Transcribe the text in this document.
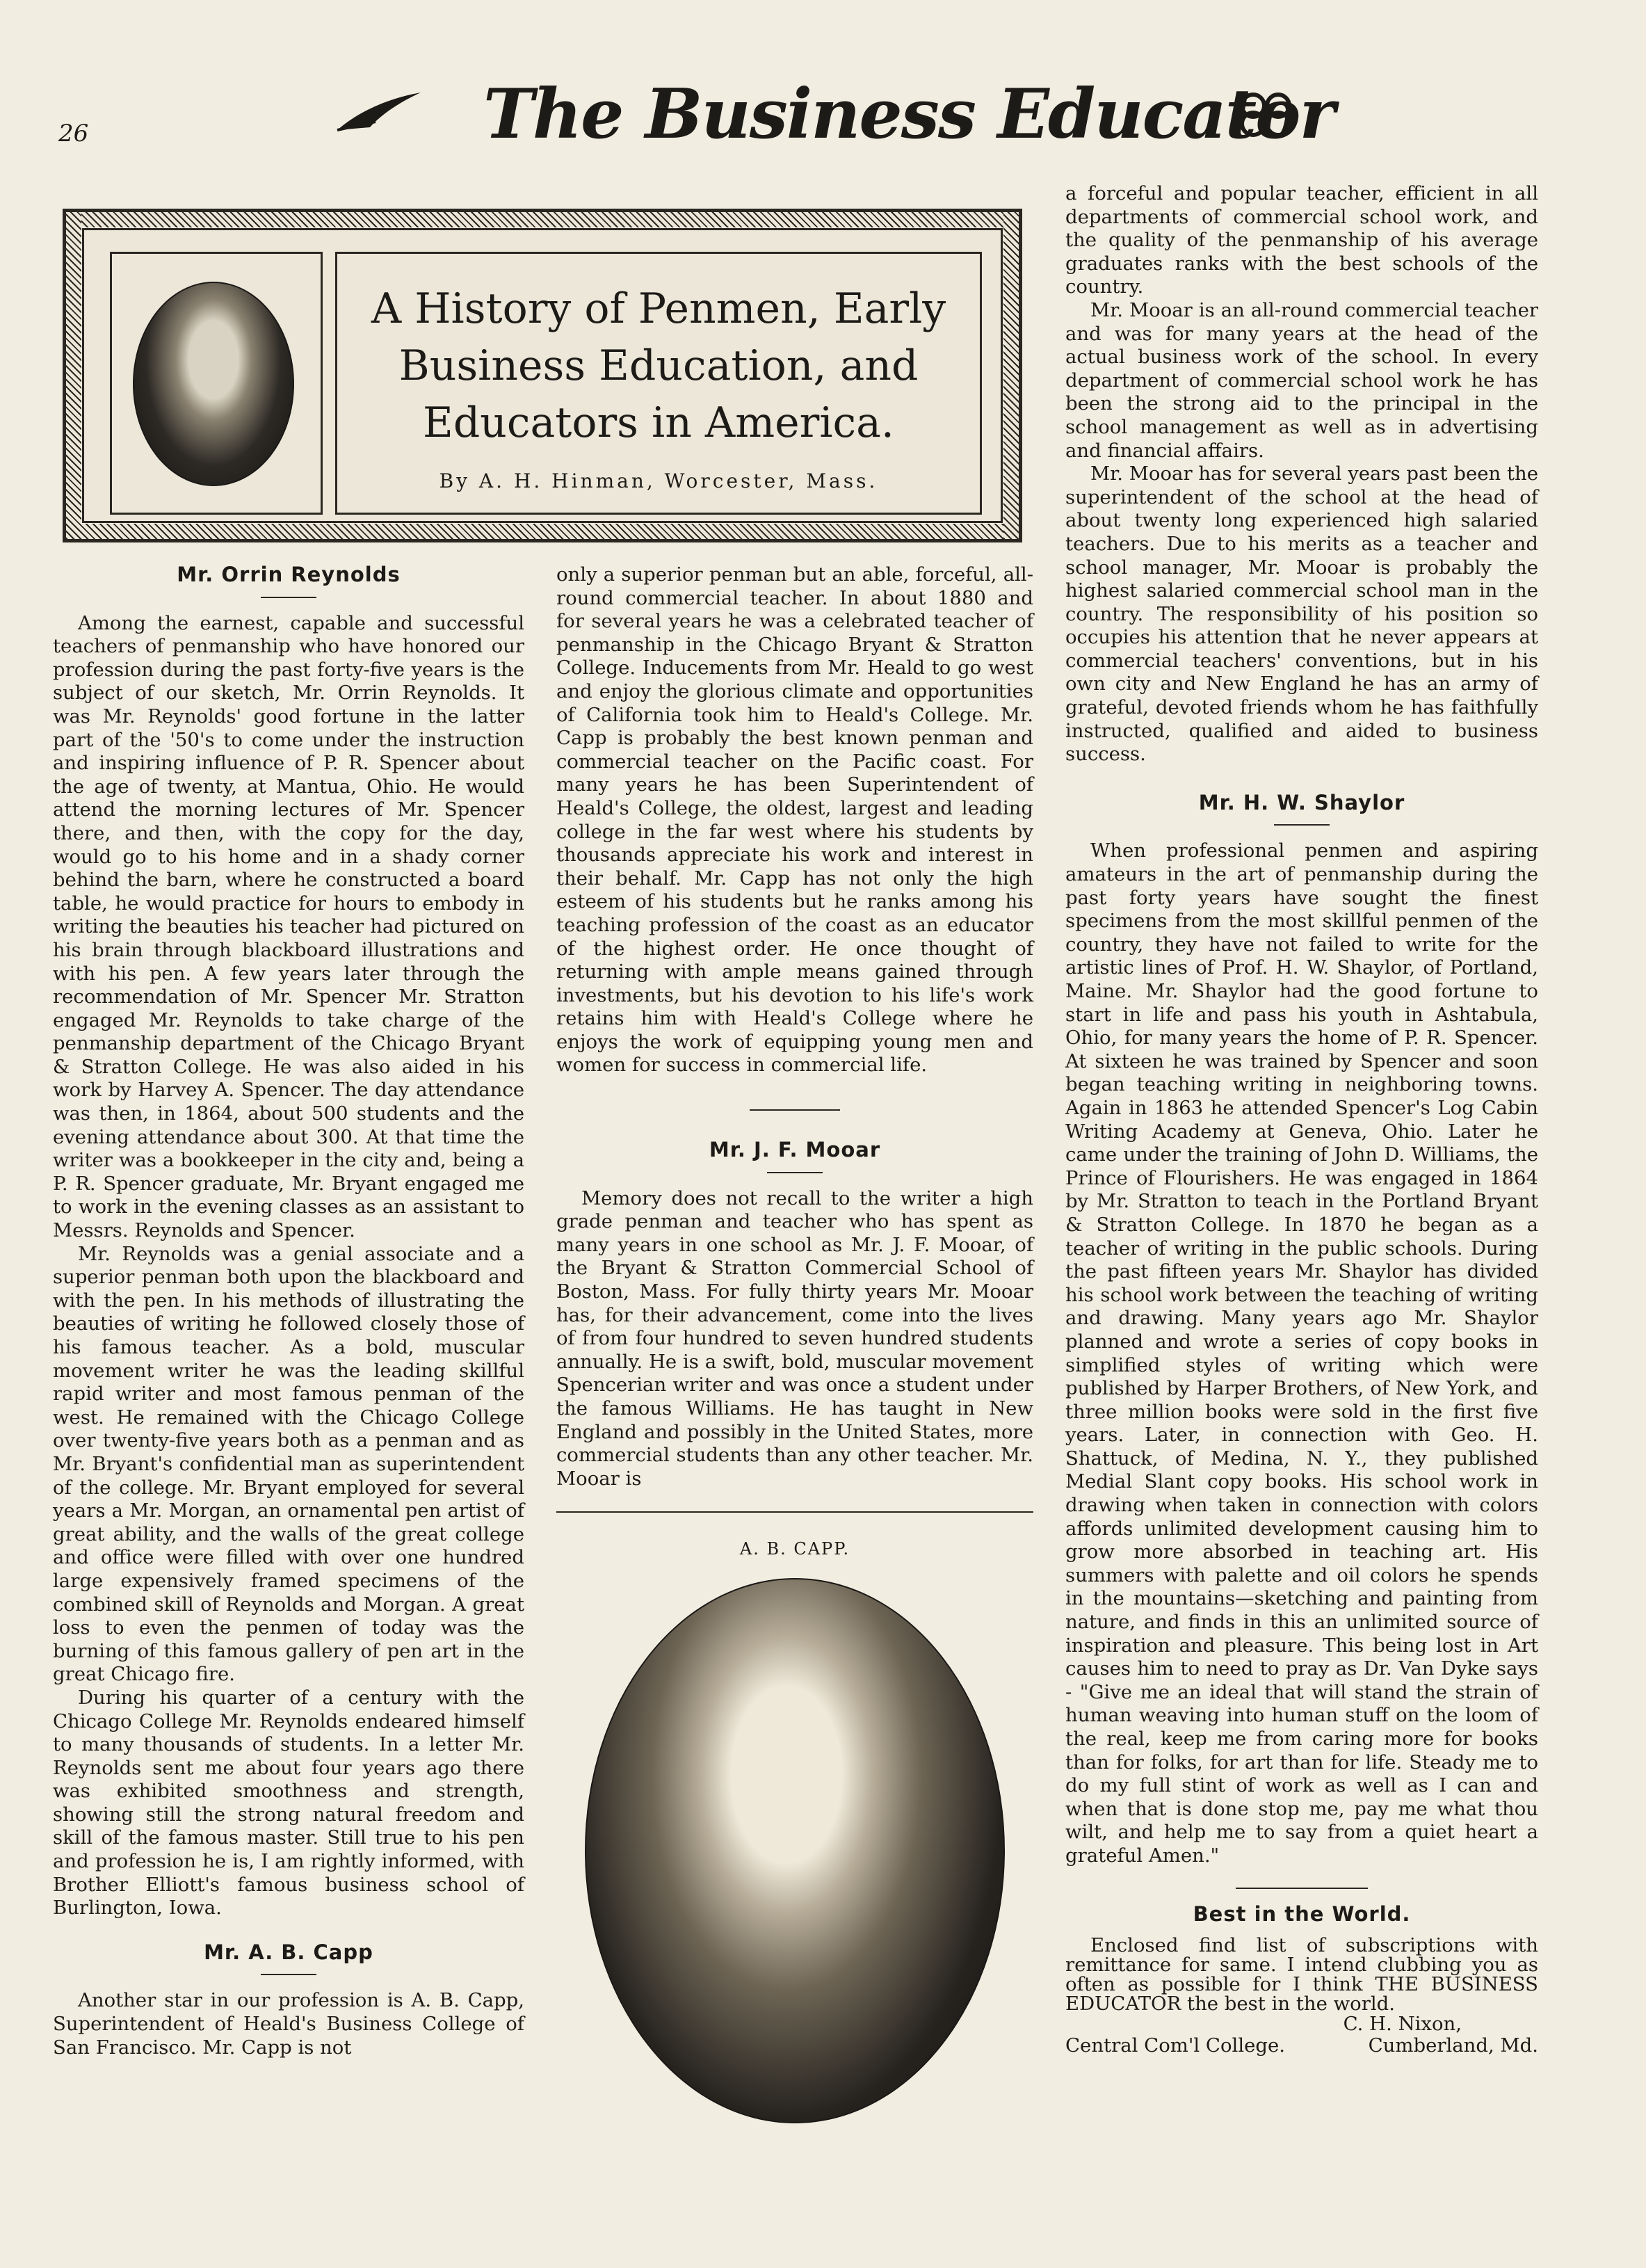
26	The Business Educator
A History of Penmen, Early
Business Education, and
Educators in America.
By A. H. Hinman, Worcester, Mass.
Mr. Orrin Reynolds

Among the earnest, capable and successful teachers of penmanship who have honored our profession during the past forty-five years is the subject of our sketch, Mr. Orrin Reynolds. It was Mr. Reynolds' good fortune in the latter part of the '50's to come under the instruction and inspiring influence of P. R. Spencer about the age of twenty, at Mantua, Ohio. He would attend the morning lectures of Mr. Spencer there, and then, with the copy for the day, would go to his home and in a shady corner behind the barn, where he constructed a board table, he would practice for hours to embody in writing the beauties his teacher had pictured on his brain through blackboard illustrations and with his pen. A few years later through the recommendation of Mr. Spencer Mr. Stratton engaged Mr. Reynolds to take charge of the penmanship department of the Chicago Bryant & Stratton College. He was also aided in his work by Harvey A. Spencer. The day attendance was then, in 1864, about 500 students and the evening attendance about 300. At that time the writer was a bookkeeper in the city and, being a P. R. Spencer graduate, Mr. Bryant engaged me to work in the evening classes as an assistant to Messrs. Reynolds and Spencer.

Mr. Reynolds was a genial associate and a superior penman both upon the blackboard and with the pen. In his methods of illustrating the beauties of writing he followed closely those of his famous teacher. As a bold, muscular movement writer he was the leading skillful rapid writer and most famous penman of the west. He remained with the Chicago College over twenty-five years both as a penman and as Mr. Bryant's confidential man as superintendent of the college. Mr. Bryant employed for several years a Mr. Morgan, an ornamental pen artist of great ability, and the walls of the great college and office were filled with over one hundred large expensively framed specimens of the combined skill of Reynolds and Morgan. A great loss to even the penmen of today was the burning of this famous gallery of pen art in the great Chicago fire.

During his quarter of a century with the Chicago College Mr. Reynolds endeared himself to many thousands of students. In a letter Mr. Reynolds sent me about four years ago there was exhibited smoothness and strength, showing still the strong natural freedom and skill of the famous master. Still true to his pen and profession he is, I am rightly informed, with Brother Elliott's famous business school of Burlington, Iowa.

Mr. A. B. Capp

Another star in our profession is A. B. Capp, Superintendent of Heald's Business College of San Francisco. Mr. Capp is not

only a superior penman but an able, forceful, all-round commercial teacher. In about 1880 and for several years he was a celebrated teacher of penmanship in the Chicago Bryant & Stratton College. Inducements from Mr. Heald to go west and enjoy the glorious climate and opportunities of California took him to Heald's College. Mr. Capp is probably the best known penman and commercial teacher on the Pacific coast. For many years he has been Superintendent of Heald's College, the oldest, largest and leading college in the far west where his students by thousands appreciate his work and interest in their behalf. Mr. Capp has not only the high esteem of his students but he ranks among his teaching profession of the coast as an educator of the highest order. He once thought of returning with ample means gained through investments, but his devotion to his life's work retains him with Heald's College where he enjoys the work of equipping young men and women for success in commercial life.

Mr. J. F. Mooar

Memory does not recall to the writer a high grade penman and teacher who has spent as many years in one school as Mr. J. F. Mooar, of the Bryant & Stratton Commercial School of Boston, Mass. For fully thirty years Mr. Mooar has, for their advancement, come into the lives of from four hundred to seven hundred students annually. He is a swift, bold, muscular movement Spencerian writer and was once a student under the famous Williams. He has taught in New England and possibly in the United States, more commercial students than any other teacher. Mr. Mooar is

A. B. CAPP.

a forceful and popular teacher, efficient in all departments of commercial school work, and the quality of the penmanship of his average graduates ranks with the best schools of the country.

Mr. Mooar is an all-round commercial teacher and was for many years at the head of the actual business work of the school. In every department of commercial school work he has been the strong aid to the principal in the school management as well as in advertising and financial affairs.

Mr. Mooar has for several years past been the superintendent of the school at the head of about twenty long experienced high salaried teachers. Due to his merits as a teacher and school manager, Mr. Mooar is probably the highest salaried commercial school man in the country. The responsibility of his position so occupies his attention that he never appears at commercial teachers' conventions, but in his own city and New England he has an army of grateful, devoted friends whom he has faithfully instructed, qualified and aided to business success.

Mr. H. W. Shaylor

When professional penmen and aspiring amateurs in the art of penmanship during the past forty years have sought the finest specimens from the most skillful penmen of the country, they have not failed to write for the artistic lines of Prof. H. W. Shaylor, of Portland, Maine. Mr. Shaylor had the good fortune to start in life and pass his youth in Ashtabula, Ohio, for many years the home of P. R. Spencer. At sixteen he was trained by Spencer and soon began teaching writing in neighboring towns. Again in 1863 he attended Spencer's Log Cabin Writing Academy at Geneva, Ohio. Later he came under the training of John D. Williams, the Prince of Flourishers. He was engaged in 1864 by Mr. Stratton to teach in the Portland Bryant & Stratton College. In 1870 he began as a teacher of writing in the public schools. During the past fifteen years Mr. Shaylor has divided his school work between the teaching of writing and drawing. Many years ago Mr. Shaylor planned and wrote a series of copy books in simplified styles of writing which were published by Harper Brothers, of New York, and three million books were sold in the first five years. Later, in connection with Geo. H. Shattuck, of Medina, N. Y., they published Medial Slant copy books. His school work in drawing when taken in connection with colors affords unlimited development causing him to grow more absorbed in teaching art. His summers with palette and oil colors he spends in the mountains—sketching and painting from nature, and finds in this an unlimited source of inspiration and pleasure. This being lost in Art causes him to need to pray as Dr. Van Dyke says - "Give me an ideal that will stand the strain of human weaving into human stuff on the loom of the real, keep me from caring more for books than for folks, for art than for life. Steady me to do my full stint of work as well as I can and when that is done stop me, pay me what thou wilt, and help me to say from a quiet heart a grateful Amen."

Best in the World.

Enclosed find list of subscriptions with remittance for same. I intend clubbing you as often as possible for I think THE BUSINESS EDUCATOR the best in the world.

C. H. Nixon,
Central Com'l College.	Cumberland, Md.
